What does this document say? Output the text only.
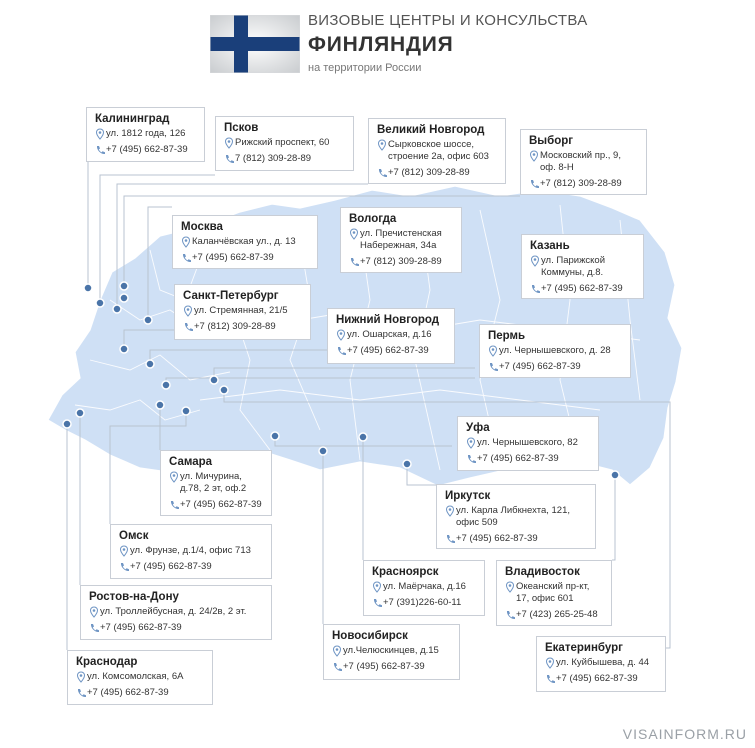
ВИЗОВЫЕ ЦЕНТРЫ И КОНСУЛЬСТВА
ФИНЛЯНДИЯ
на территории России
Калининград
ул. 1812 года, 126
+7 (495) 662-87-39
Псков
Рижский проспект, 60
7 (812) 309-28-89
Великий Новгород
Сырковское шоссе, строение 2а, офис 603
+7 (812) 309-28-89
Выборг
Московский пр., 9, оф. 8-Н
+7 (812) 309-28-89
Москва
Каланчёвская ул., д. 13
+7 (495) 662-87-39
Вологда
ул. Пречистенская Набережная, 34а
+7 (812) 309-28-89
Казань
ул. Парижской Коммуны, д.8.
+7 (495) 662-87-39
Санкт-Петербург
ул. Стремянная, 21/5
+7 (812) 309-28-89
Нижний Новгород
ул. Ошарская, д.16
+7 (495) 662-87-39
Пермь
ул. Чернышевского, д. 28
+7 (495) 662-87-39
Уфа
ул. Чернышевского, 82
+7 (495) 662-87-39
Самара
ул. Мичурина, д.78, 2 эт, оф.2
+7 (495) 662-87-39
Иркутск
ул. Карла Либкнехта, 121, офис 509
+7 (495) 662-87-39
Омск
ул. Фрунзе, д.1/4, офис 713
+7 (495) 662-87-39	Красноярск
ул. Маёрчака, д.16
+7 (391)226-60-11
Владивосток
Океанский пр-кт, 17, офис 601
+7 (423) 265-25-48
Ростов-на-Дону
ул. Троллейбусная, д. 24/2в, 2 эт.
+7 (495) 662-87-39
Новосибирск
ул.Челюскинцев, д.15
+7 (495) 662-87-39
Екатеринбург
ул. Куйбышева, д. 44
+7 (495) 662-87-39
Краснодар
ул. Комсомолская, 6А
+7 (495) 662-87-39
VISAINFORM.RU
